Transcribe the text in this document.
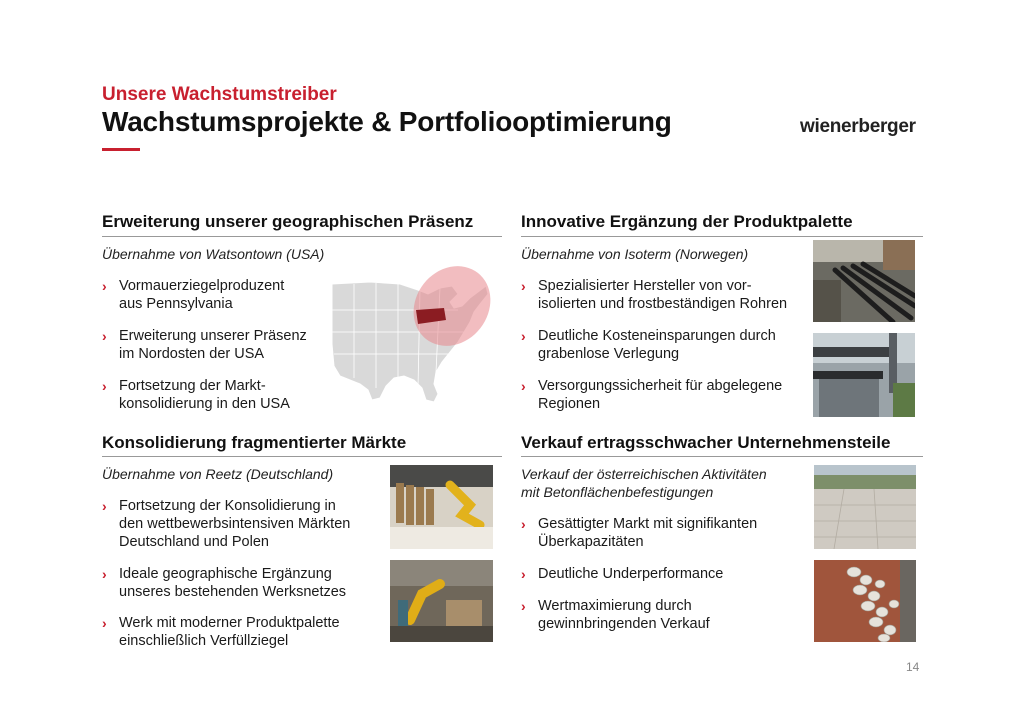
Unsere Wachstumstreiber
Wachstumsprojekte & Portfoliooptimierung	wienerberger
Erweiterung unserer geographischen Präsenz
Übernahme von Watsontown (USA)
› Vormauerziegelproduzent
aus Pennsylvania
› Erweiterung unserer Präsenz
im Nordosten der USA
› Fortsetzung der Markt-
konsolidierung in den USA
Innovative Ergänzung der Produktpalette
Übernahme von Isoterm (Norwegen)
› Spezialisierter Hersteller von vor-
isolierten und frostbeständigen Rohren
› Deutliche Kosteneinsparungen durch
grabenlose Verlegung
› Versorgungssicherheit für abgelegene
Regionen
Konsolidierung fragmentierter Märkte
Übernahme von Reetz (Deutschland)
› Fortsetzung der Konsolidierung in
den wettbewerbsintensiven Märkten
Deutschland und Polen
› Ideale geographische Ergänzung
unseres bestehenden Werksnetzes
› Werk mit moderner Produktpalette
einschließlich Verfüllziegel
Verkauf ertragsschwacher Unternehmensteile
Verkauf der österreichischen Aktivitäten
mit Betonflächenbefestigungen
› Gesättigter Markt mit signifikanten
Überkapazitäten
› Deutliche Underperformance
› Wertmaximierung durch
gewinnbringenden Verkauf
14
